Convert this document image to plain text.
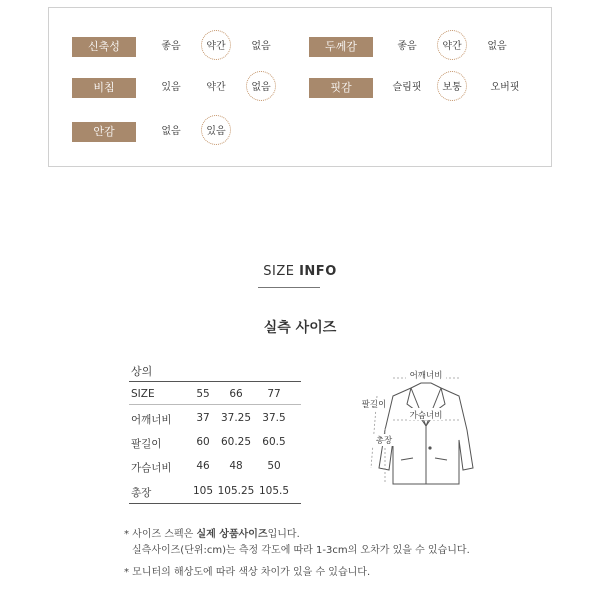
신축성	좋음	약간	없음	두께감	좋음	약간	없음
비침	있음	약간	없음	핏감	슬림핏	보통	오버핏
안감	없음	있음
SIZE INFO
실측 사이즈
상의
SIZE	55	66	77
어깨너비	37	37.25	37.5
팔길이	60	60.25	60.5
가슴너비	46	48	50
총장	105 105.25 105.5
어깨너비
가슴너비
팔길이
총장
* 사이즈 스펙은 실제 상품사이즈입니다.
실측사이즈(단위:cm)는 측정 각도에 따라 1-3cm의 오차가 있을 수 있습니다.
* 모니터의 해상도에 따라 색상 차이가 있을 수 있습니다.
